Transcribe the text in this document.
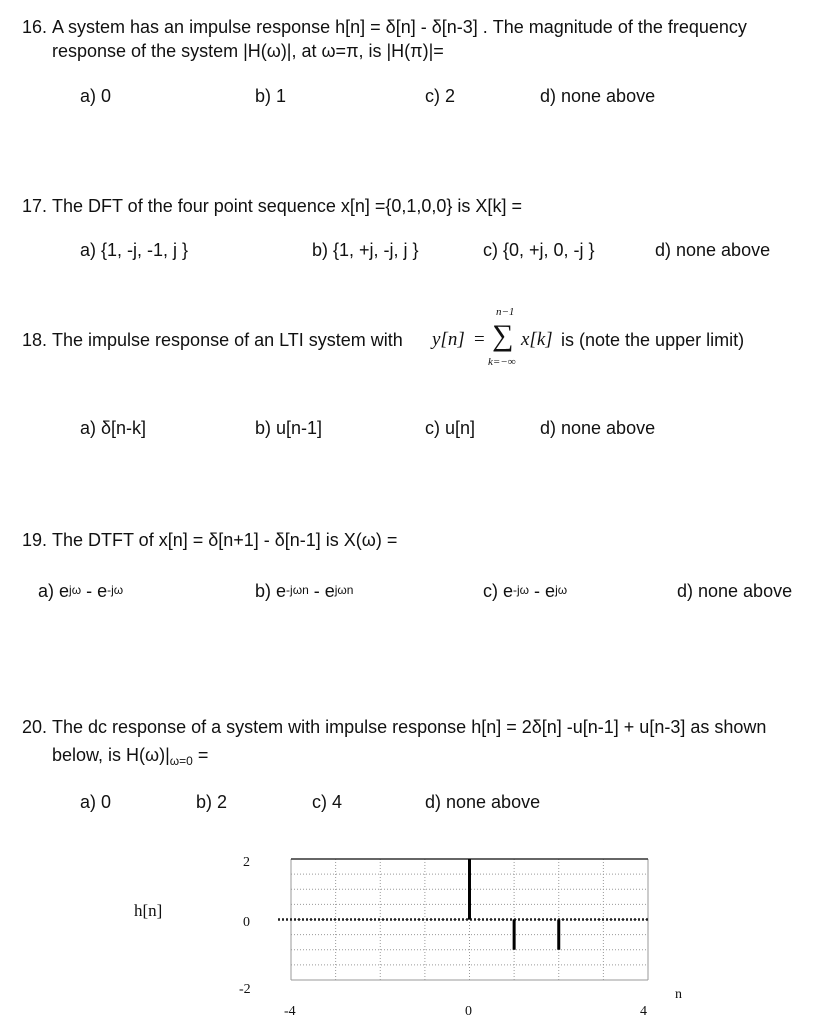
16. A system has an impulse response h[n] = δ[n] - δ[n-3] . The magnitude of the frequency
response of the system |H(ω)|, at ω=π, is |H(π)|=
a) 0	b) 1	c) 2	d) none above
17. The DFT of the four point sequence x[n] ={0,1,0,0} is X[k] =
a) {1, -j, -1, j }	b) {1, +j, -j, j }	c) {0, +j, 0, -j }	d) none above
18. The impulse response of an LTI system with y[n] =
n−1
∑
k=−∞
x[k] is (note the upper limit)
a) δ[n-k]	b) u[n-1]	c) u[n]	d) none above
19. The DTFT of x[n] = δ[n+1] - δ[n-1] is X(ω) =
a) $e^{j\omega} - e^{-j\omega}$	b) $e^{-j\omega n} - e^{j\omega n}$	c) $e^{-j\omega} - e^{j\omega}$	d) none above
20. The dc response of a system with impulse response h[n] = 2δ[n] -u[n-1] + u[n-3] as shown
below, is $H(\omega)|_{\omega=0}$ =
a) 0	b) 2	c) 4	d) none above
h[n]
n
2
0
-2
-4	0	4
